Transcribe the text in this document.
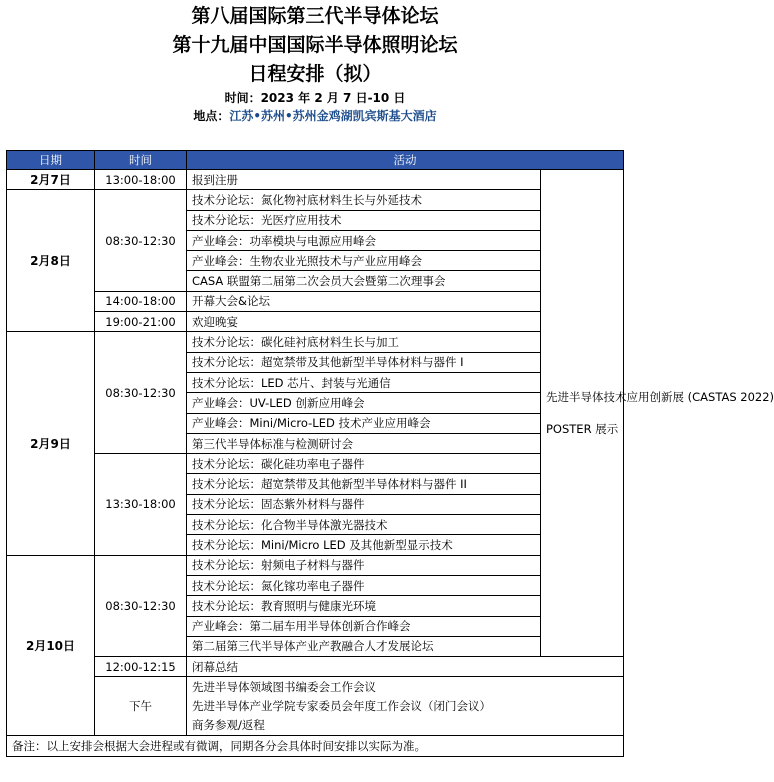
第八届国际第三代半导体论坛
第十九届中国国际半导体照明论坛
日程安排（拟）
时间：2023 年 2 月 7 日-10 日
地点：江苏•苏州•苏州金鸡湖凯宾斯基大酒店
日期	时间	活动	
2月7日	13:00-18:00	报到注册	先进半导体技术应用创新展 (CASTAS 2022)

POSTER 展示

2月8日	08:30-12:30	技术分论坛：氮化物衬底材料生长与外延技术	
		技术分论坛：光医疗应用技术	
		产业峰会：功率模块与电源应用峰会	
		产业峰会：生物农业光照技术与产业应用峰会	
		CASA 联盟第二届第二次会员大会暨第二次理事会	
	14:00-18:00	开幕大会&论坛	
	19:00-21:00	欢迎晚宴	
2月9日	08:30-12:30	技术分论坛：碳化硅衬底材料生长与加工	
		技术分论坛：超宽禁带及其他新型半导体材料与器件 I	
		技术分论坛：LED 芯片、封装与光通信	
		产业峰会：UV-LED 创新应用峰会	
		产业峰会：Mini/Micro-LED 技术产业应用峰会	
		第三代半导体标准与检测研讨会	
	13:30-18:00	技术分论坛：碳化硅功率电子器件	
		技术分论坛：超宽禁带及其他新型半导体材料与器件 II	
		技术分论坛：固态紫外材料与器件	
		技术分论坛：化合物半导体激光器技术	
		技术分论坛：Mini/Micro LED 及其他新型显示技术	
2月10日	08:30-12:30	技术分论坛：射频电子材料与器件	
		技术分论坛：氮化镓功率电子器件	
		技术分论坛：教育照明与健康光环境	
		产业峰会：第二届车用半导体创新合作峰会	
		第二届第三代半导体产业产教融合人才发展论坛	
	12:00-12:15	闭幕总结	
	下午	先进半导体领域图书编委会工作会议
先进半导体产业学院专家委员会年度工作会议（闭门会议）
商务参观/返程	

备注：以上安排会根据大会进程或有微调，同期各分会具体时间安排以实际为准。			
